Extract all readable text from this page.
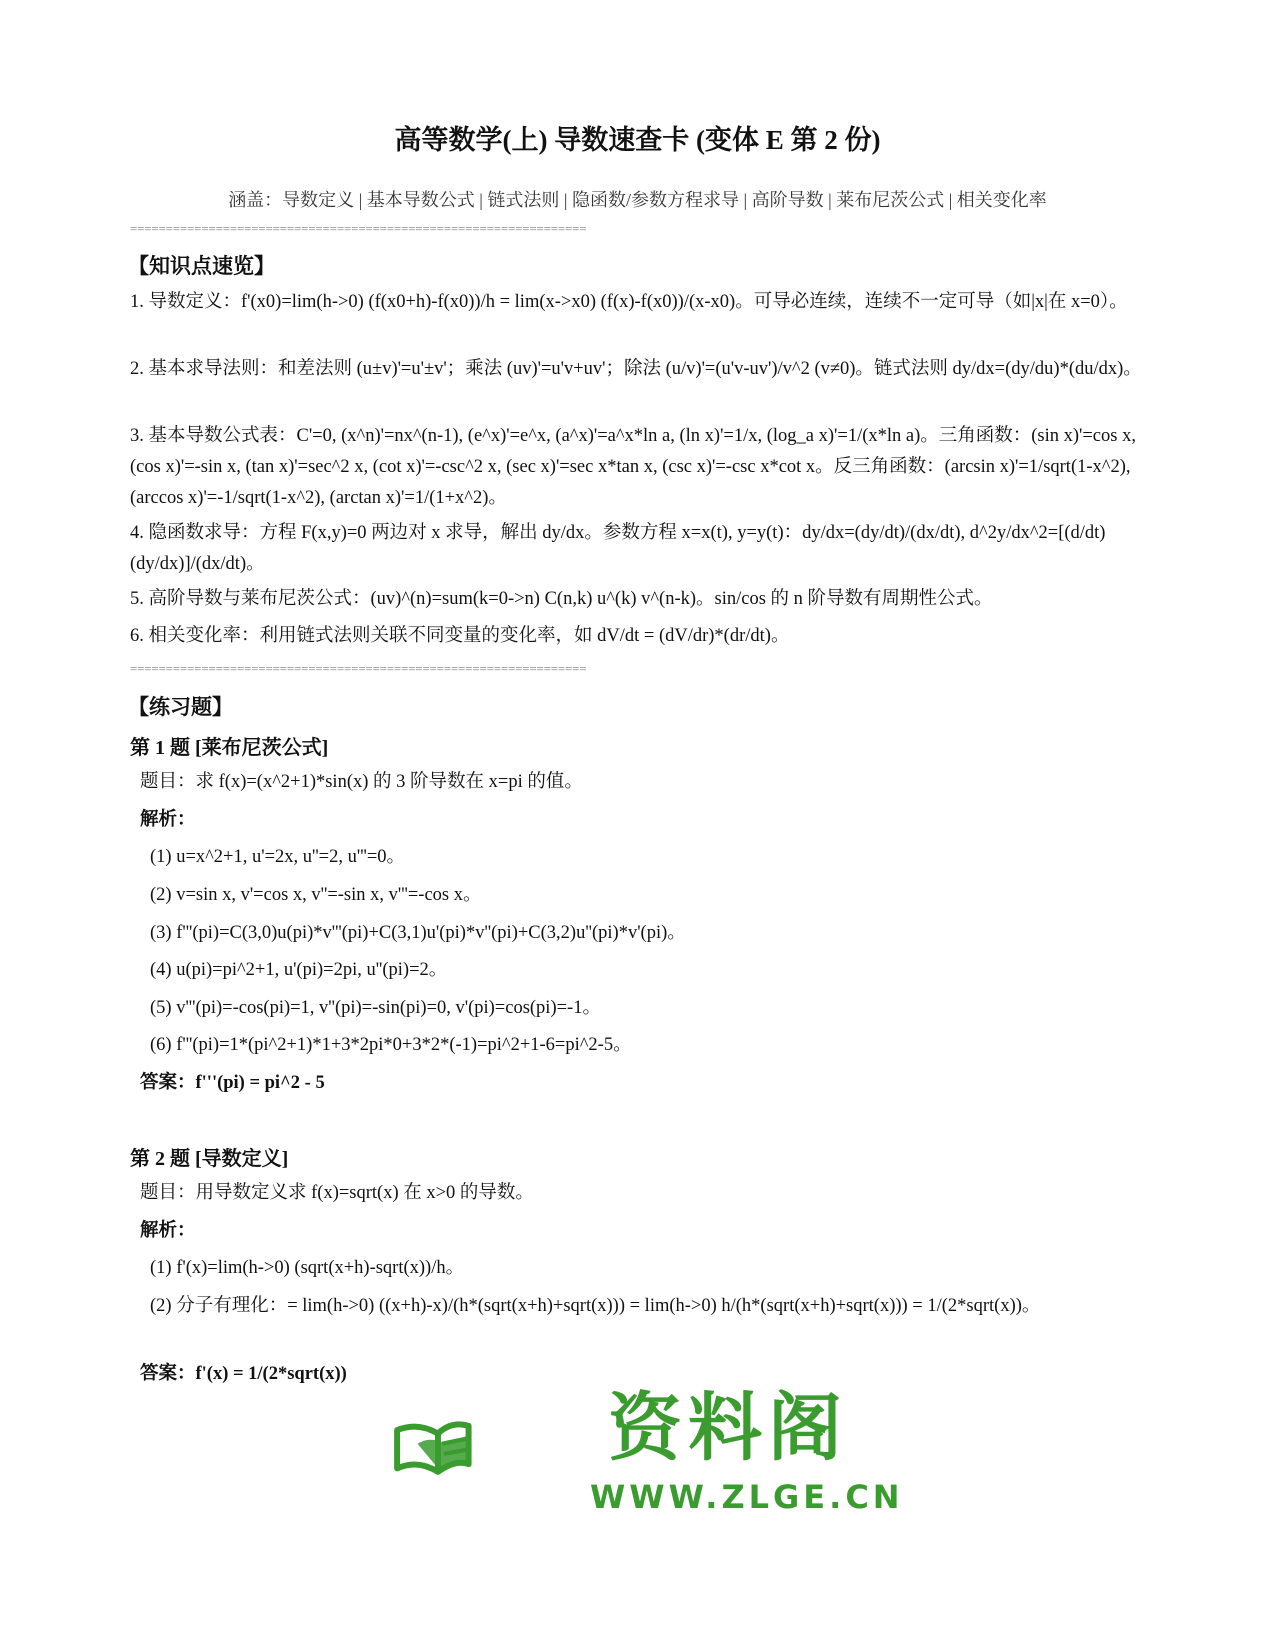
高等数学(上) 导数速查卡 (变体 E 第 2 份)
涵盖：导数定义 | 基本导数公式 | 链式法则 | 隐函数/参数方程求导 | 高阶导数 | 莱布尼茨公式 | 相关变化率
================================================================
【知识点速览】
1. 导数定义：f'(x0)=lim(h->0) (f(x0+h)-f(x0))/h = lim(x->x0) (f(x)-f(x0))/(x-x0)。可导必连续，连续不一定可导（如|x|在 x=0）。
2. 基本求导法则：和差法则 (u±v)'=u'±v'；乘法 (uv)'=u'v+uv'；除法 (u/v)'=(u'v-uv')/v^2 (v≠0)。链式法则 dy/dx=(dy/du)*(du/dx)。
3. 基本导数公式表：C'=0, (x^n)'=nx^(n-1), (e^x)'=e^x, (a^x)'=a^x*ln a, (ln x)'=1/x, (log_a x)'=1/(x*ln a)。三角函数：(sin x)'=cos x, (cos x)'=-sin x, (tan x)'=sec^2 x, (cot x)'=-csc^2 x, (sec x)'=sec x*tan x, (csc x)'=-csc x*cot x。反三角函数：(arcsin x)'=1/sqrt(1-x^2), (arccos x)'=-1/sqrt(1-x^2), (arctan x)'=1/(1+x^2)。
4. 隐函数求导：方程 F(x,y)=0 两边对 x 求导，解出 dy/dx。参数方程 x=x(t), y=y(t)：dy/dx=(dy/dt)/(dx/dt), d^2y/dx^2=[(d/dt)(dy/dx)]/(dx/dt)。
5. 高阶导数与莱布尼茨公式：(uv)^(n)=sum(k=0->n) C(n,k) u^(k) v^(n-k)。sin/cos 的 n 阶导数有周期性公式。
6. 相关变化率：利用链式法则关联不同变量的变化率，如 dV/dt = (dV/dr)*(dr/dt)。
================================================================
【练习题】
第 1 题 [莱布尼茨公式]
题目：求 f(x)=(x^2+1)*sin(x) 的 3 阶导数在 x=pi 的值。
解析：
(1) u=x^2+1, u'=2x, u''=2, u'''=0。
(2) v=sin x, v'=cos x, v''=-sin x, v'''=-cos x。
(3) f'''(pi)=C(3,0)u(pi)*v'''(pi)+C(3,1)u'(pi)*v''(pi)+C(3,2)u''(pi)*v'(pi)。
(4) u(pi)=pi^2+1, u'(pi)=2pi, u''(pi)=2。
(5) v'''(pi)=-cos(pi)=1, v''(pi)=-sin(pi)=0, v'(pi)=cos(pi)=-1。
(6) f'''(pi)=1*(pi^2+1)*1+3*2pi*0+3*2*(-1)=pi^2+1-6=pi^2-5。
答案：f'''(pi) = pi^2 - 5
第 2 题 [导数定义]
题目：用导数定义求 f(x)=sqrt(x) 在 x>0 的导数。
解析：
(1) f'(x)=lim(h->0) (sqrt(x+h)-sqrt(x))/h。
(2) 分子有理化：= lim(h->0) ((x+h)-x)/(h*(sqrt(x+h)+sqrt(x))) = lim(h->0) h/(h*(sqrt(x+h)+sqrt(x))) = 1/(2*sqrt(x))。
答案：f'(x) = 1/(2*sqrt(x))
资料阁
WWW.ZLGE.CN
